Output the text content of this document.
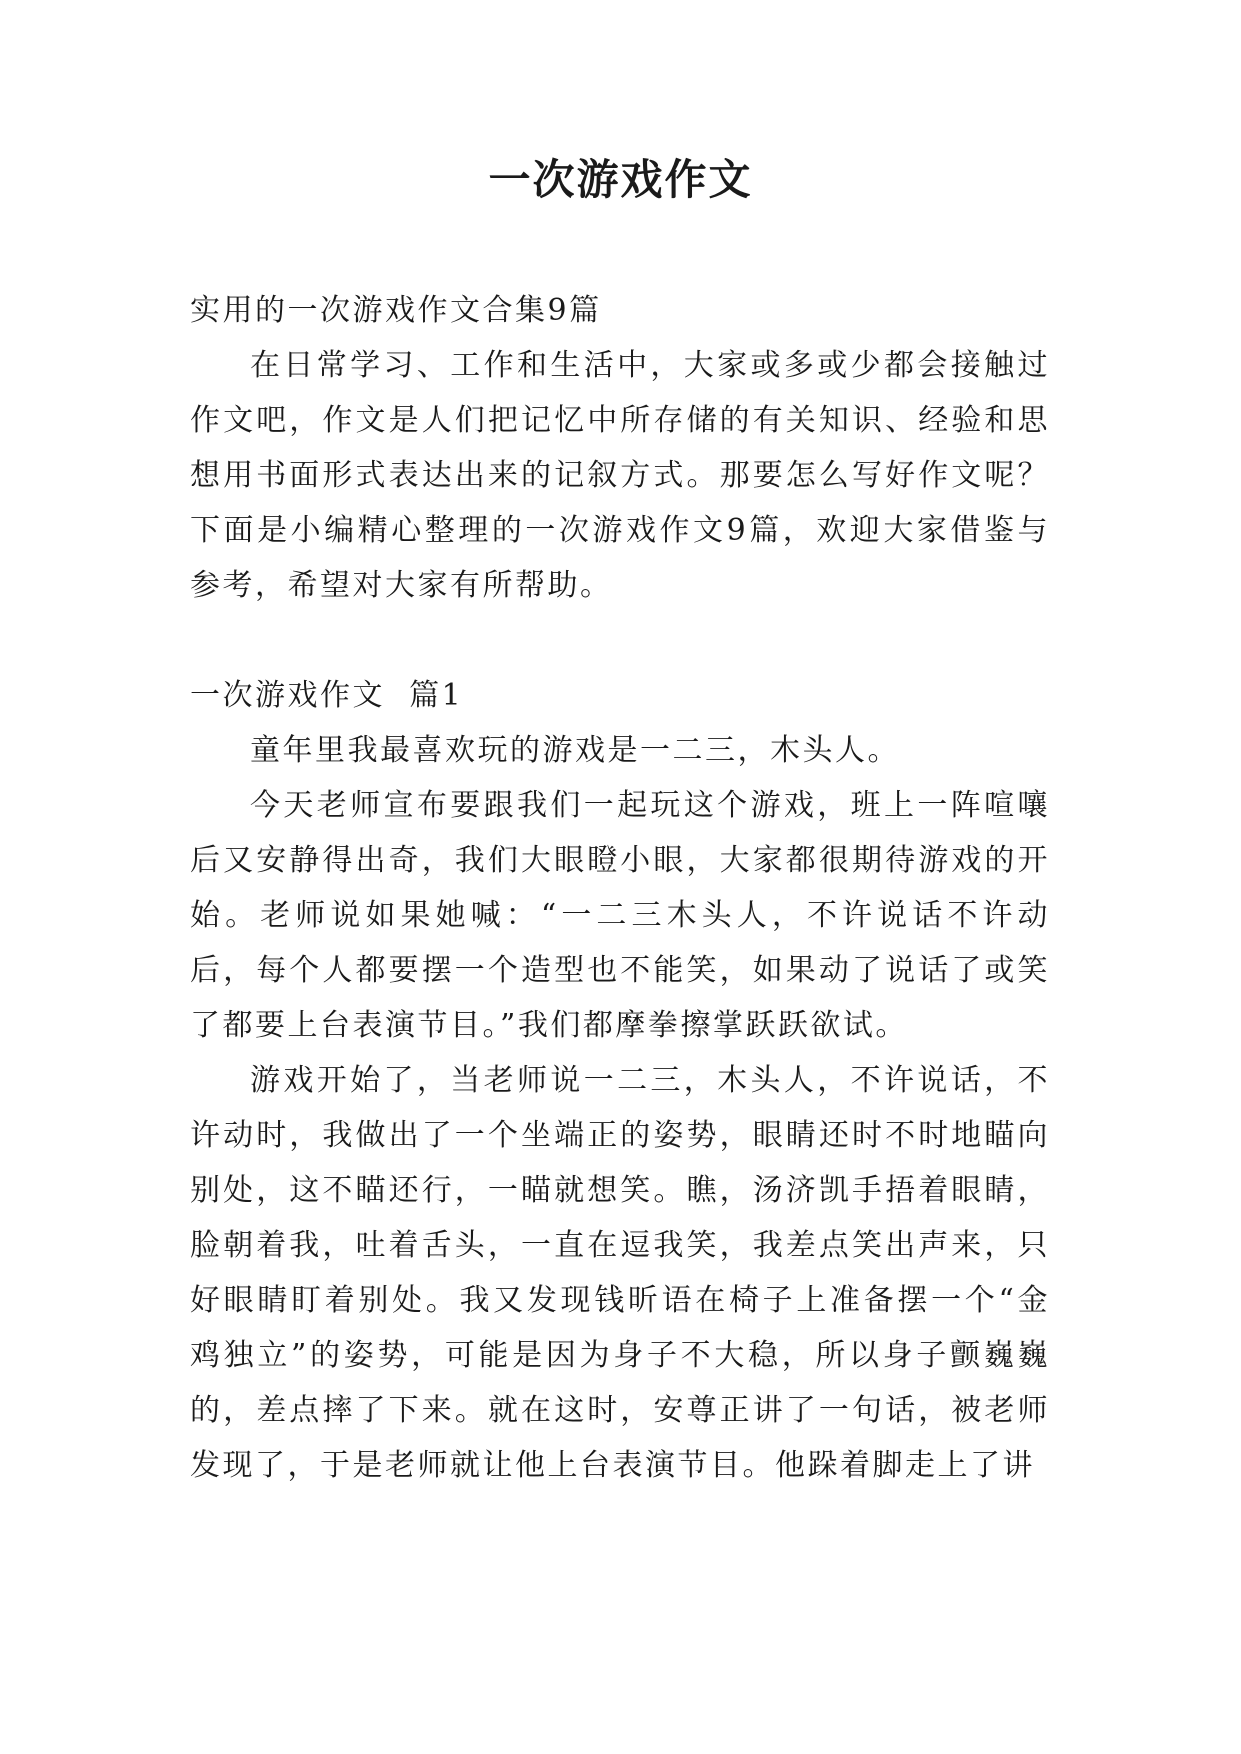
一次游戏作文

实用的一次游戏作文合集9篇

在日常学习、工作和生活中，大家或多或少都会接触过作文吧，作文是人们把记忆中所存储的有关知识、经验和思想用书面形式表达出来的记叙方式。那要怎么写好作文呢？下面是小编精心整理的一次游戏作文9篇，欢迎大家借鉴与参考，希望对大家有所帮助。

一次游戏作文  篇1

童年里我最喜欢玩的游戏是一二三，木头人。

今天老师宣布要跟我们一起玩这个游戏，班上一阵喧嚷后又安静得出奇，我们大眼瞪小眼，大家都很期待游戏的开始。老师说如果她喊：“一二三木头人，不许说话不许动后，每个人都要摆一个造型也不能笑，如果动了说话了或笑了都要上台表演节目。”我们都摩拳擦掌跃跃欲试。

游戏开始了，当老师说一二三，木头人，不许说话，不许动时，我做出了一个坐端正的姿势，眼睛还时不时地瞄向别处，这不瞄还行，一瞄就想笑。瞧，汤济凯手捂着眼睛，脸朝着我，吐着舌头，一直在逗我笑，我差点笑出声来，只好眼睛盯着别处。我又发现钱昕语在椅子上准备摆一个“金鸡独立”的姿势，可能是因为身子不大稳，所以身子颤巍巍的，差点摔了下来。就在这时，安尊正讲了一句话，被老师发现了，于是老师就让他上台表演节目。他跺着脚走上了讲
